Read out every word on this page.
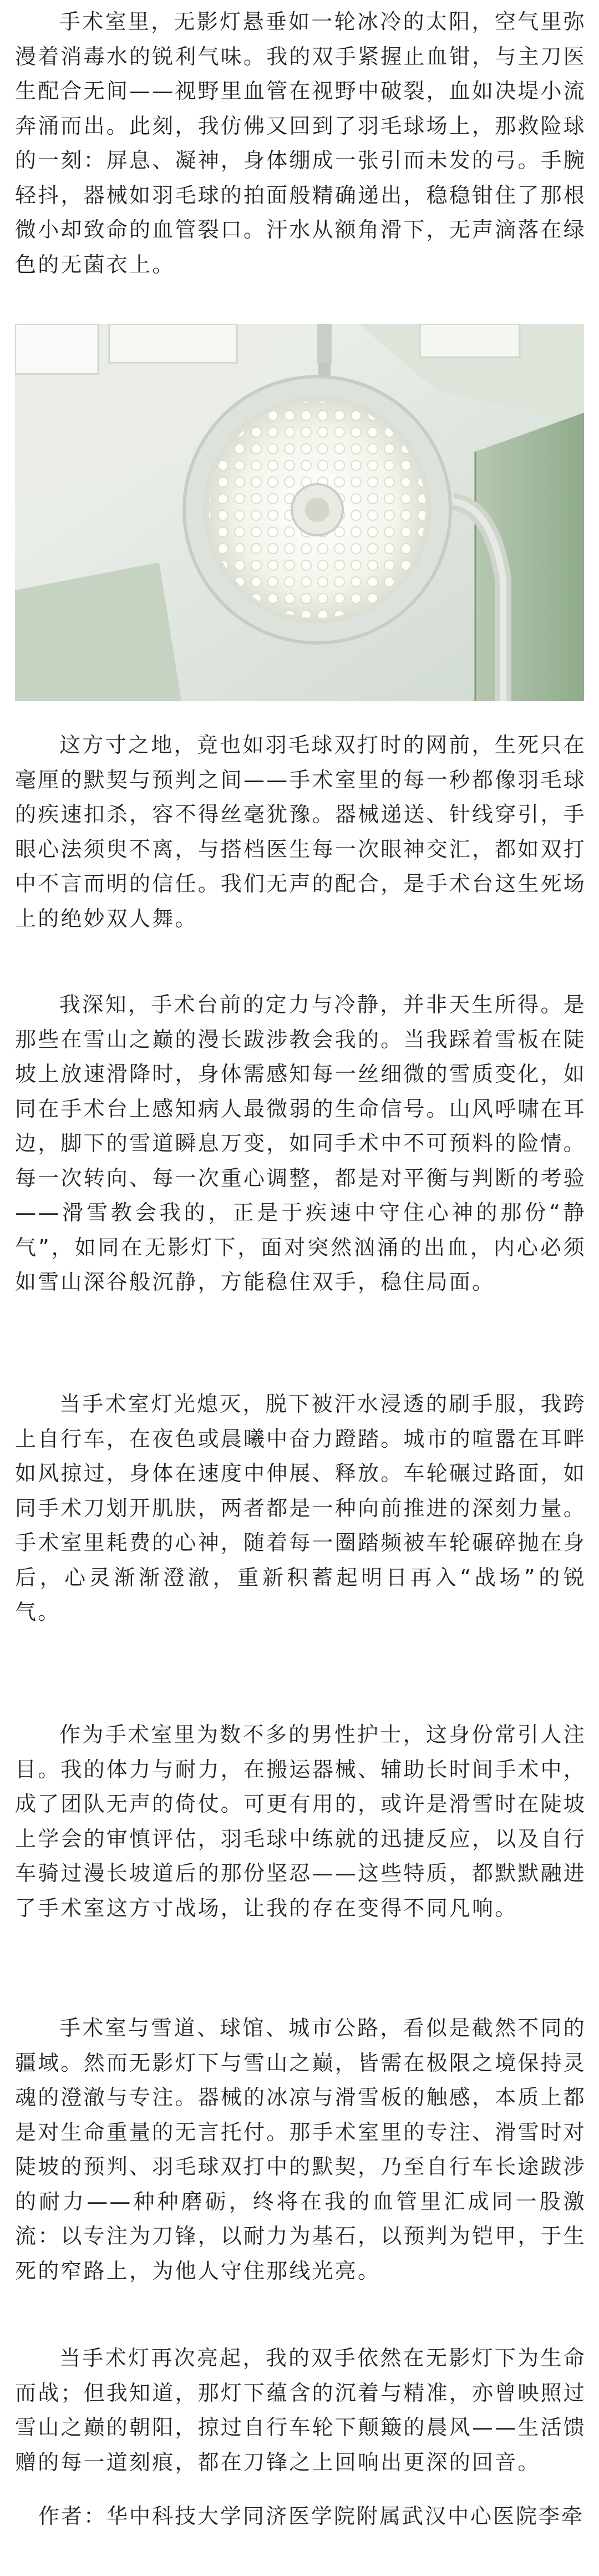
手术室里，无影灯悬垂如一轮冰冷的太阳，空气里弥漫着消毒水的锐利气味。我的双手紧握止血钳，与主刀医生配合无间——视野里血管在视野中破裂，血如决堤小流奔涌而出。此刻，我仿佛又回到了羽毛球场上，那救险球的一刻：屏息、凝神，身体绷成一张引而未发的弓。手腕轻抖，器械如羽毛球的拍面般精确递出，稳稳钳住了那根微小却致命的血管裂口。汗水从额角滑下，无声滴落在绿色的无菌衣上。

这方寸之地，竟也如羽毛球双打时的网前，生死只在毫厘的默契与预判之间——手术室里的每一秒都像羽毛球的疾速扣杀，容不得丝毫犹豫。器械递送、针线穿引，手眼心法须臾不离，与搭档医生每一次眼神交汇，都如双打中不言而明的信任。我们无声的配合，是手术台这生死场上的绝妙双人舞。

我深知，手术台前的定力与冷静，并非天生所得。是那些在雪山之巅的漫长跋涉教会我的。当我踩着雪板在陡坡上放速滑降时，身体需感知每一丝细微的雪质变化，如同在手术台上感知病人最微弱的生命信号。山风呼啸在耳边，脚下的雪道瞬息万变，如同手术中不可预料的险情。每一次转向、每一次重心调整，都是对平衡与判断的考验——滑雪教会我的，正是于疾速中守住心神的那份“静气”，如同在无影灯下，面对突然汹涌的出血，内心必须如雪山深谷般沉静，方能稳住双手，稳住局面。

当手术室灯光熄灭，脱下被汗水浸透的刷手服，我跨上自行车，在夜色或晨曦中奋力蹬踏。城市的喧嚣在耳畔如风掠过，身体在速度中伸展、释放。车轮碾过路面，如同手术刀划开肌肤，两者都是一种向前推进的深刻力量。手术室里耗费的心神，随着每一圈踏频被车轮碾碎抛在身后，心灵渐渐澄澈，重新积蓄起明日再入“战场”的锐气。

作为手术室里为数不多的男性护士，这身份常引人注目。我的体力与耐力，在搬运器械、辅助长时间手术中，成了团队无声的倚仗。可更有用的，或许是滑雪时在陡坡上学会的审慎评估，羽毛球中练就的迅捷反应，以及自行车骑过漫长坡道后的那份坚忍——这些特质，都默默融进了手术室这方寸战场，让我的存在变得不同凡响。

手术室与雪道、球馆、城市公路，看似是截然不同的疆域。然而无影灯下与雪山之巅，皆需在极限之境保持灵魂的澄澈与专注。器械的冰凉与滑雪板的触感，本质上都是对生命重量的无言托付。那手术室里的专注、滑雪时对陡坡的预判、羽毛球双打中的默契，乃至自行车长途跋涉的耐力——种种磨砺，终将在我的血管里汇成同一股激流：以专注为刀锋，以耐力为基石，以预判为铠甲，于生死的窄路上，为他人守住那线光亮。

当手术灯再次亮起，我的双手依然在无影灯下为生命而战；但我知道，那灯下蕴含的沉着与精准，亦曾映照过雪山之巅的朝阳，掠过自行车轮下颠簸的晨风——生活馈赠的每一道刻痕，都在刀锋之上回响出更深的回音。

作者：华中科技大学同济医学院附属武汉中心医院李牵
